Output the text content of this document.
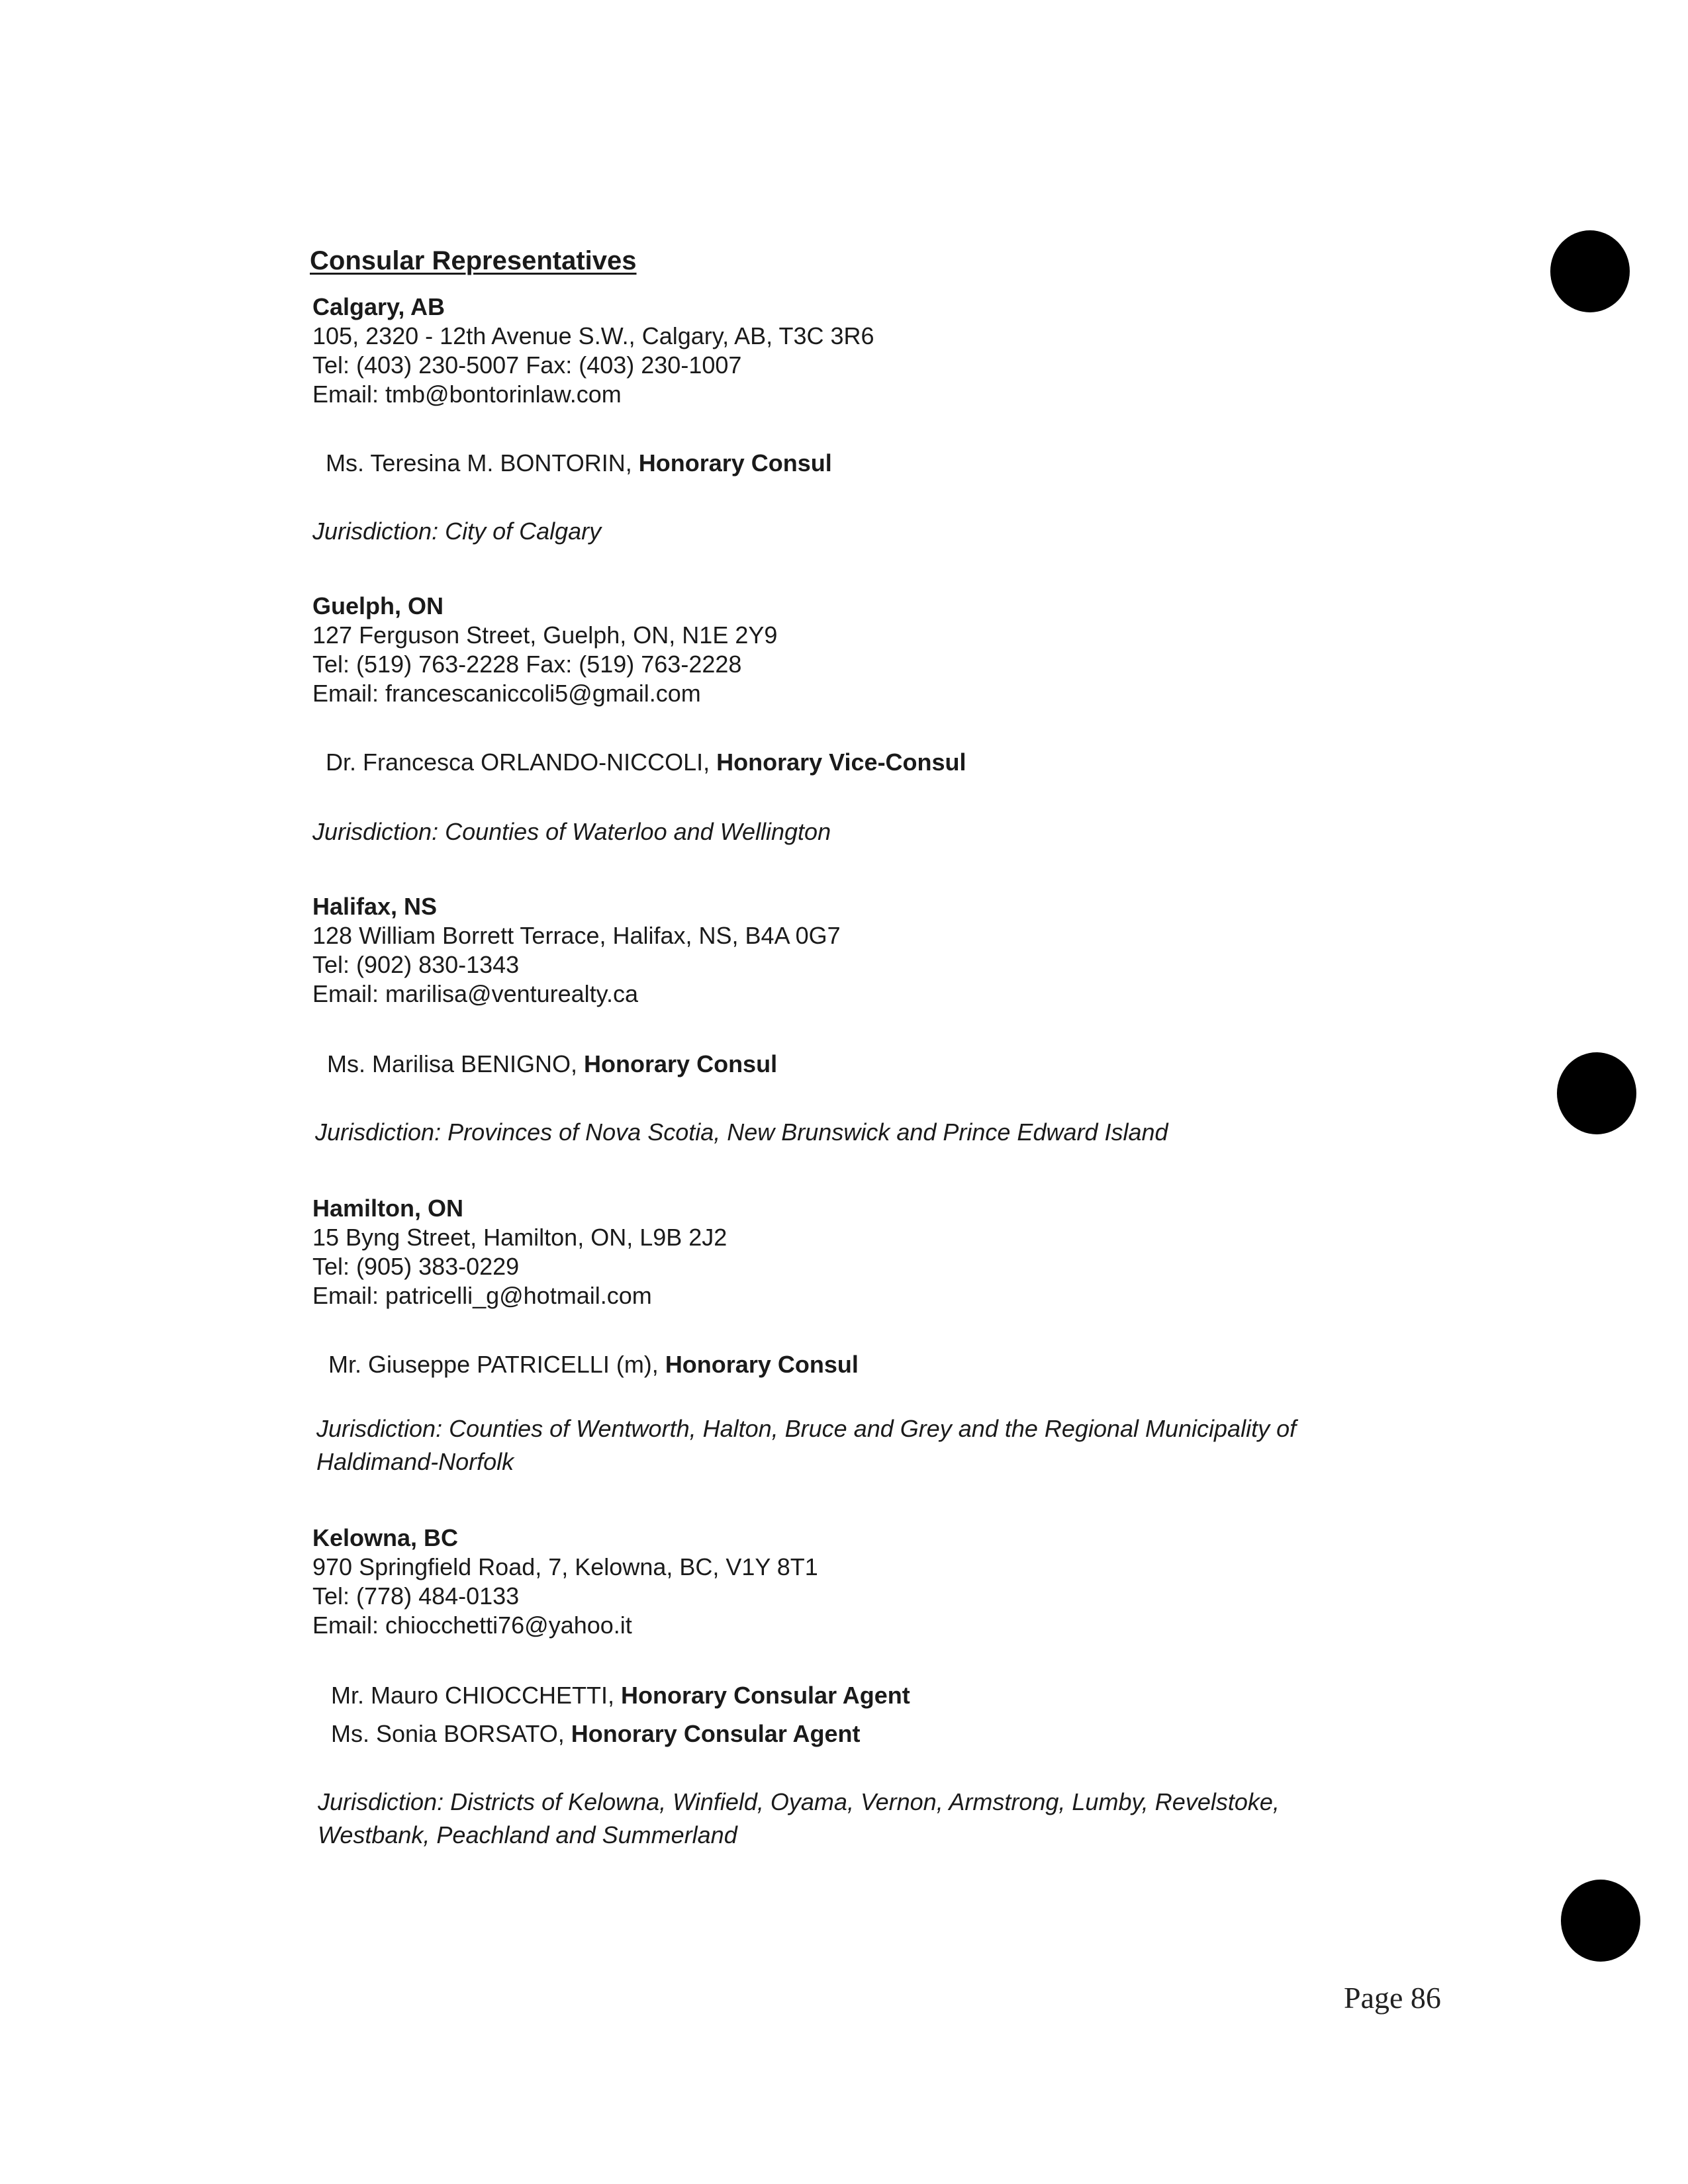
Consular Representatives
Calgary, AB
105, 2320 - 12th Avenue S.W., Calgary, AB, T3C 3R6
Tel: (403) 230-5007 Fax: (403) 230-1007
Email: tmb@bontorinlaw.com
Ms. Teresina M. BONTORIN, Honorary Consul
Jurisdiction: City of Calgary
Guelph, ON
127 Ferguson Street, Guelph, ON, N1E 2Y9
Tel: (519) 763-2228 Fax: (519) 763-2228
Email: francescaniccoli5@gmail.com
Dr. Francesca ORLANDO-NICCOLI, Honorary Vice-Consul
Jurisdiction: Counties of Waterloo and Wellington
Halifax, NS
128 William Borrett Terrace, Halifax, NS, B4A 0G7
Tel: (902) 830-1343
Email: marilisa@venturealty.ca
Ms. Marilisa BENIGNO, Honorary Consul
Jurisdiction: Provinces of Nova Scotia, New Brunswick and Prince Edward Island
Hamilton, ON
15 Byng Street, Hamilton, ON, L9B 2J2
Tel: (905) 383-0229
Email: patricelli_g@hotmail.com
Mr. Giuseppe PATRICELLI (m), Honorary Consul
Jurisdiction: Counties of Wentworth, Halton, Bruce and Grey and the Regional Municipality of Haldimand-Norfolk
Kelowna, BC
970 Springfield Road, 7, Kelowna, BC, V1Y 8T1
Tel: (778) 484-0133
Email: chiocchetti76@yahoo.it
Mr. Mauro CHIOCCHETTI, Honorary Consular Agent
Ms. Sonia BORSATO, Honorary Consular Agent
Jurisdiction: Districts of Kelowna, Winfield, Oyama, Vernon, Armstrong, Lumby, Revelstoke, Westbank, Peachland and Summerland
Page 86
